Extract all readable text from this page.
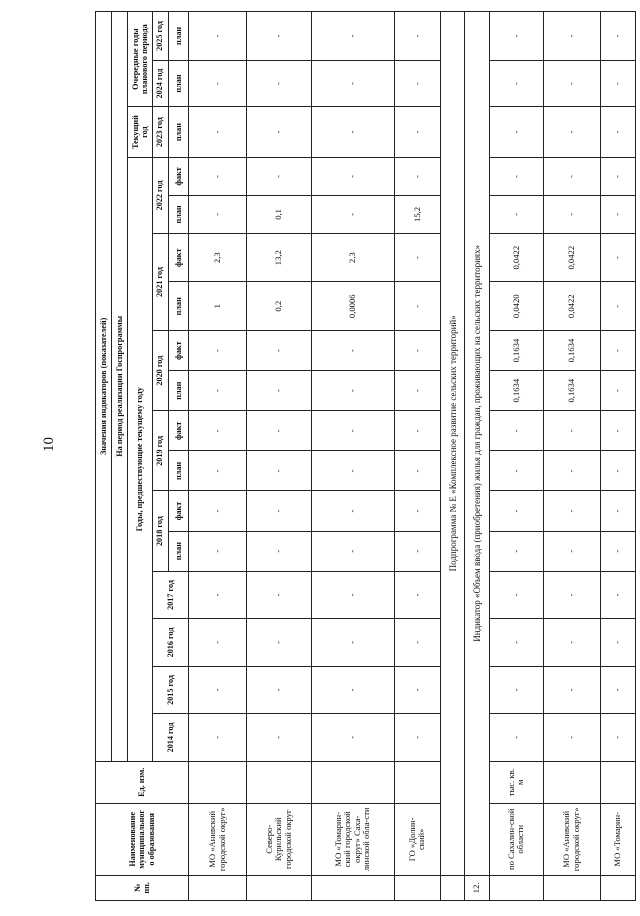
10
№ пп.	Наименование муниципальног о образования	Ед. изм.	Значения индикаторов (показателей)																
			На период реализации Госпрограммы																
			Годы, предшествующие текущему году														Текущий год	Очередные годы планового периода	
			2014 год	2015 год	2016 год	2017 год	2018 год		2019 год		2020 год		2021 год		2022 год		2023 год	2024 год	2025 год
							план	факт	план	факт	план	факт	план	факт	план	факт	план	план	план
	МО «Анивский городской округ»		-	-	-	-	-	-	-	-	-	-	1	2,3	-	-	-	-	-
	Северо-Курильский городской округ		-	-	-	-	-	-	-	-	-	-	0,2	13,2	0,1	-	-	-	-
	МО «Томарин-ский городской округ» Саха-линской обла-сти		-	-	-	-	-	-	-	-	-	-	0,0006	2,3	-	-	-	-	-
	ГО «Долин-ский»		-	-	-	-	-	-	-	-	-	-	-	-	15,2	-	-	-	-
	Подпрограмма № Е «Комплексное развитие сельских территорий»																		
12.	Индикатор «Объем ввода (приобретения) жилья для граждан, проживающих на сельских территориях»																		
	по Сахалин-ской области	тыс. кв. м	-	-	-	-	-	-	-	-	0,1634	0,1634	0,0420	0,0422	-	-	-	-	-
	МО «Анивский городской округ»		-	-	-	-	-	-	-	-	0,1634	0,1634	0,0422	0,0422	-	-	-	-	-
	МО «Томарин-		-	-	-	-	-	-	-	-	-	-	-	-	-	-	-	-	-
